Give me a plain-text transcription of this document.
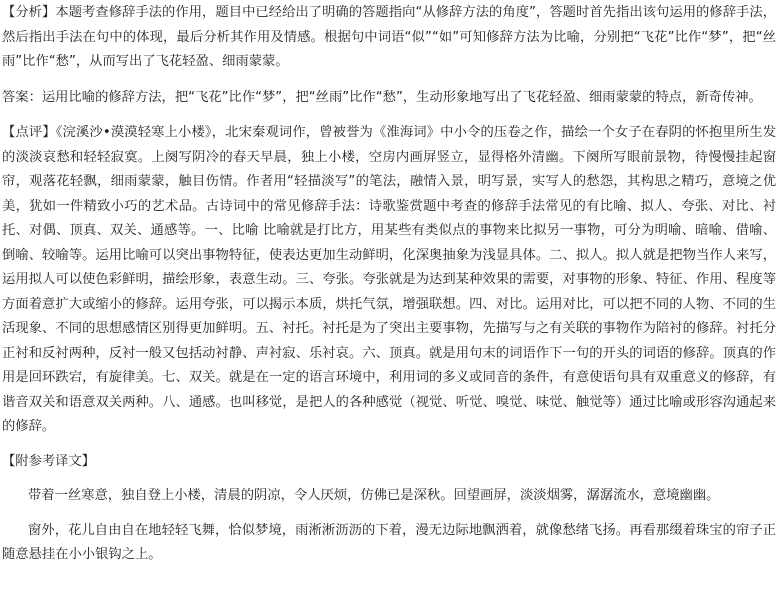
【分析】本题考查修辞手法的作用，题目中已经给出了明确的答题指向“从修辞方法的角度”，答题时首先指出该句运用的修辞手法，然后指出手法在句中的体现，最后分析其作用及情感。根据句中词语“似”“如”可知修辞方法为比喻，分别把“飞花”比作“梦”，把“丝雨”比作“愁”，从而写出了飞花轻盈、细雨蒙蒙。

答案：运用比喻的修辞方法，把“飞花”比作“梦”，把“丝雨”比作“愁”，生动形象地写出了飞花轻盈、细雨蒙蒙的特点，新奇传神。

【点评】《浣溪沙•漠漠轻寒上小楼》，北宋秦观词作，曾被誉为《淮海词》中小令的压卷之作，描绘一个女子在春阴的怀抱里所生发的淡淡哀愁和轻轻寂寞。上阕写阴冷的春天早晨，独上小楼，空房内画屏竖立，显得格外清幽。下阕所写眼前景物，待慢慢挂起窗帘，观落花轻飘，细雨蒙蒙，触目伤情。作者用“轻描淡写”的笔法，融情入景，明写景，实写人的愁怨，其构思之精巧，意境之优美，犹如一件精致小巧的艺术品。古诗词中的常见修辞手法：诗歌鉴赏题中考查的修辞手法常见的有比喻、拟人、夸张、对比、衬托、对偶、顶真、双关、通感等。一、比喻 比喻就是打比方，用某些有类似点的事物来比拟另一事物，可分为明喻、暗喻、借喻、倒喻、较喻等。运用比喻可以突出事物特征，使表达更加生动鲜明，化深奥抽象为浅显具体。二、拟人。拟人就是把物当作人来写，运用拟人可以使色彩鲜明，描绘形象，表意生动。三、夸张。夸张就是为达到某种效果的需要，对事物的形象、特征、作用、程度等方面着意扩大或缩小的修辞。运用夸张，可以揭示本质，烘托气氛，增强联想。四、对比。运用对比，可以把不同的人物、不同的生活现象、不同的思想感情区别得更加鲜明。五、衬托。衬托是为了突出主要事物，先描写与之有关联的事物作为陪衬的修辞。衬托分正衬和反衬两种，反衬一般又包括动衬静、声衬寂、乐衬哀。六、顶真。就是用句末的词语作下一句的开头的词语的修辞。顶真的作用是回环跌宕，有旋律美。七、双关。就是在一定的语言环境中，利用词的多义或同音的条件，有意使语句具有双重意义的修辞，有谐音双关和语意双关两种。八、通感。也叫移觉，是把人的各种感觉（视觉、听觉、嗅觉、味觉、触觉等）通过比喻或形容沟通起来的修辞。

【附参考译文】

带着一丝寒意，独自登上小楼，清晨的阴凉，令人厌烦，仿佛已是深秋。回望画屏，淡淡烟雾，潺潺流水，意境幽幽。

窗外，花儿自由自在地轻轻飞舞，恰似梦境，雨淅淅沥沥的下着，漫无边际地飘洒着，就像愁绪飞扬。再看那缀着珠宝的帘子正随意悬挂在小小银钩之上。
